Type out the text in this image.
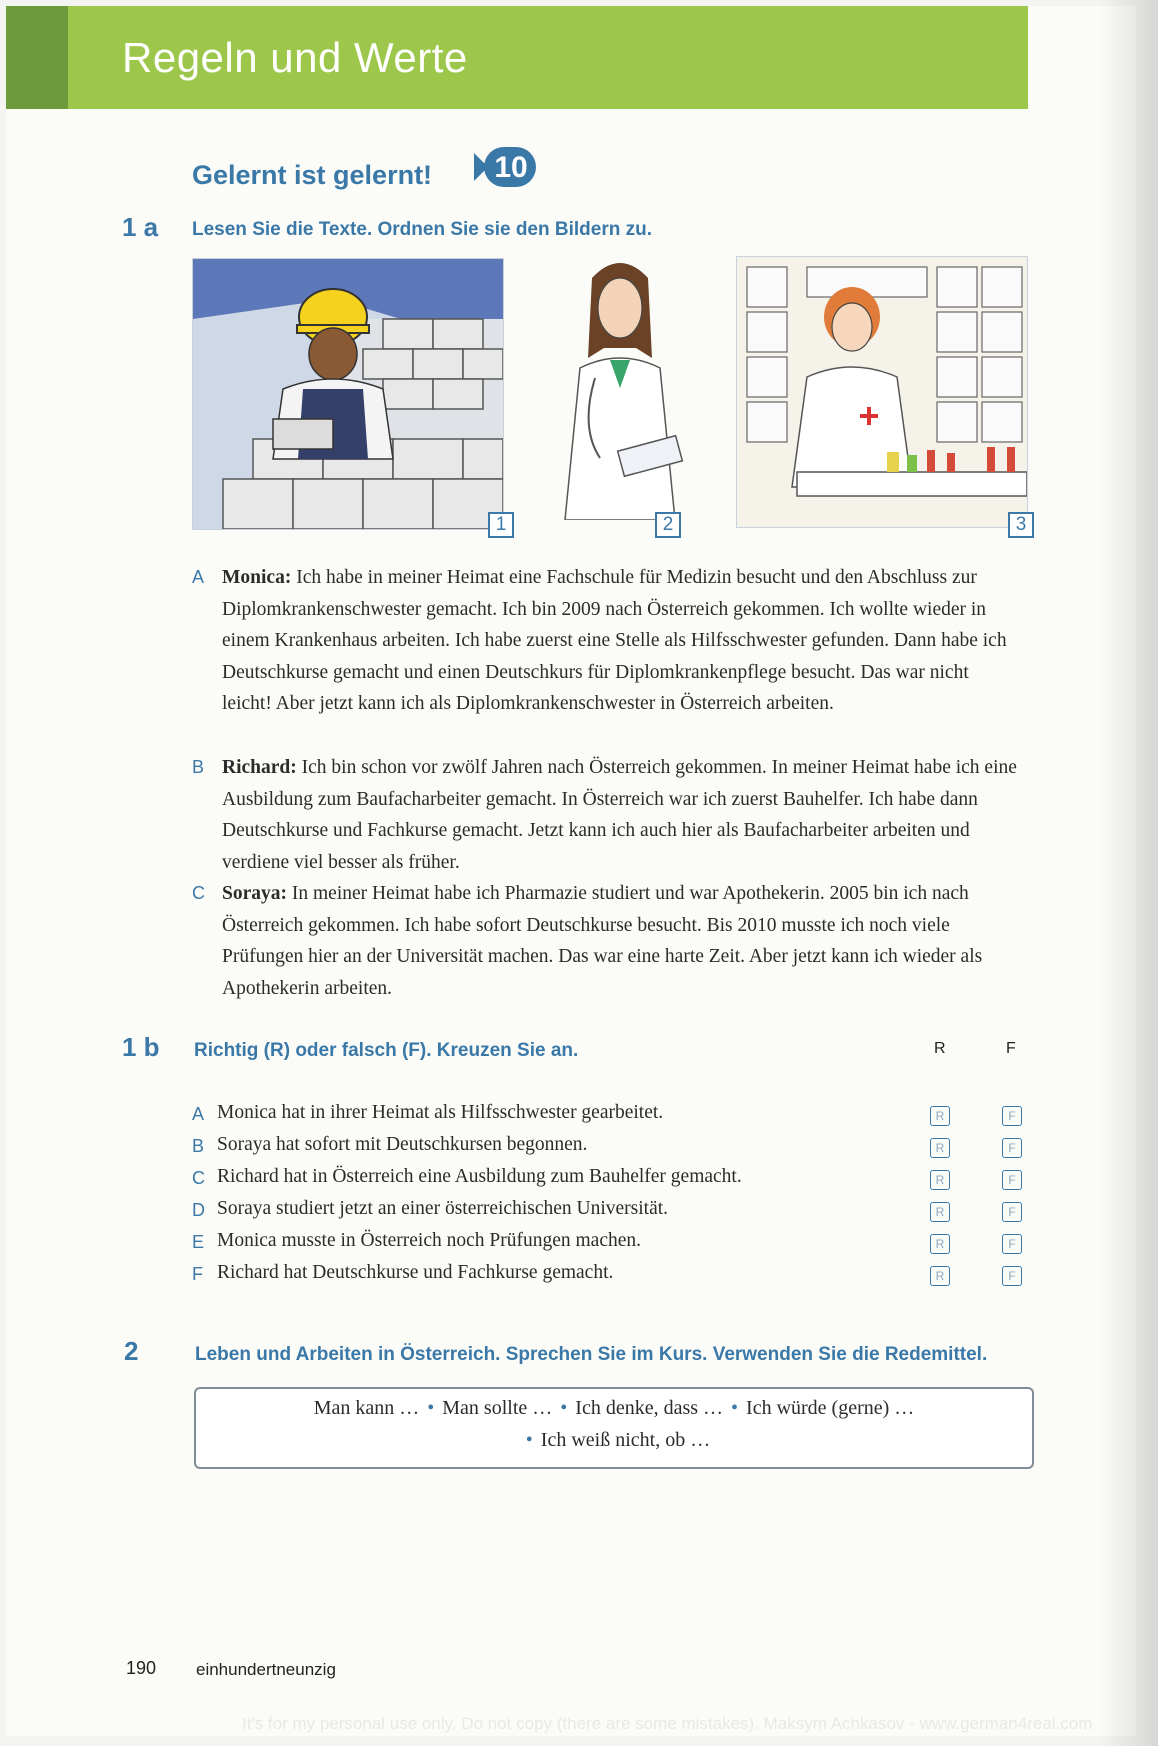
Regeln und Werte
Gelernt ist gelernt!	10
1 a Lesen Sie die Texte. Ordnen Sie sie den Bildern zu.
1	2	3
A Monica: Ich habe in meiner Heimat eine Fachschule für Medizin besucht und den Abschluss zur Diplomkrankenschwester gemacht. Ich bin 2009 nach Österreich gekommen. Ich wollte wieder in einem Krankenhaus arbeiten. Ich habe zuerst eine Stelle als Hilfsschwester gefunden. Dann habe ich Deutschkurse gemacht und einen Deutschkurs für Diplomkrankenpflege besucht. Das war nicht leicht! Aber jetzt kann ich als Diplomkrankenschwester in Österreich arbeiten.
B Richard: Ich bin schon vor zwölf Jahren nach Österreich gekommen. In meiner Heimat habe ich eine Ausbildung zum Baufacharbeiter gemacht. In Österreich war ich zuerst Bauhelfer. Ich habe dann Deutschkurse und Fachkurse gemacht. Jetzt kann ich auch hier als Baufacharbeiter arbeiten und verdiene viel besser als früher.
C Soraya: In meiner Heimat habe ich Pharmazie studiert und war Apothekerin. 2005 bin ich nach Österreich gekommen. Ich habe sofort Deutschkurse besucht. Bis 2010 musste ich noch viele Prüfungen hier an der Universität machen. Das war eine harte Zeit. Aber jetzt kann ich wieder als Apothekerin arbeiten.
1 b Richtig (R) oder falsch (F). Kreuzen Sie an.	R	F
A Monica hat in ihrer Heimat als Hilfsschwester gearbeitet.	R	F
B Soraya hat sofort mit Deutschkursen begonnen.	R	F
C Richard hat in Österreich eine Ausbildung zum Bauhelfer gemacht.	R	F
D Soraya studiert jetzt an einer österreichischen Universität.	R	F
E Monica musste in Österreich noch Prüfungen machen.	R	F
F Richard hat Deutschkurse und Fachkurse gemacht.	R	F
2	Leben und Arbeiten in Österreich. Sprechen Sie im Kurs. Verwenden Sie die Redemittel.
Man kann … • Man sollte … • Ich denke, dass … • Ich würde (gerne) …
• Ich weiß nicht, ob …
190 einhundertneunzig
It's for my personal use only. Do not copy (there are some mistakes). Maksym Achkasov - www.german4real.com
